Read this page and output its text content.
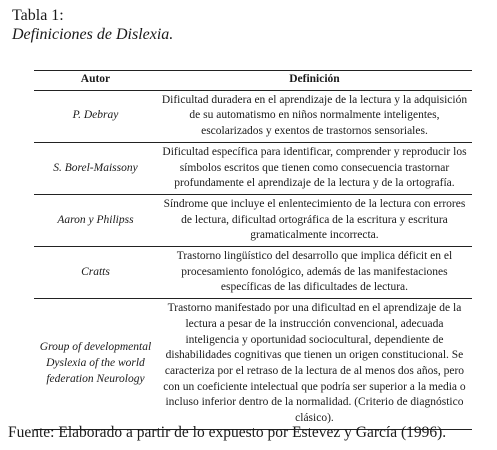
Tabla 1:
Definiciones de Dislexia.
Autor	Definición
P. Debray	Dificultad duradera en el aprendizaje de la lectura y la adquisición de su automatismo en niños normalmente inteligentes, escolarizados y exentos de trastornos sensoriales.
S. Borel-Maissony	Dificultad específica para identificar, comprender y reproducir los símbolos escritos que tienen como consecuencia trastornar profundamente el aprendizaje de la lectura y de la ortografía.
Aaron y Philipss	Síndrome que incluye el enlentecimiento de la lectura con errores de lectura, dificultad ortográfica de la escritura y escritura gramaticalmente incorrecta.
Cratts	Trastorno lingüístico del desarrollo que implica déficit en el procesamiento fonológico, además de las manifestaciones específicas de las dificultades de lectura.
Group of developmental Dyslexia of the world federation Neurology	Trastorno manifestado por una dificultad en el aprendizaje de la lectura a pesar de la instrucción convencional, adecuada inteligencia y oportunidad sociocultural, dependiente de dishabilidades cognitivas que tienen un origen constitucional. Se caracteriza por el retraso de la lectura de al menos dos años, pero con un coeficiente intelectual que podría ser superior a la media o incluso inferior dentro de la normalidad. (Criterio de diagnóstico clásico).
Fuente: Elaborado a partir de lo expuesto por Estevez y García (1996).
